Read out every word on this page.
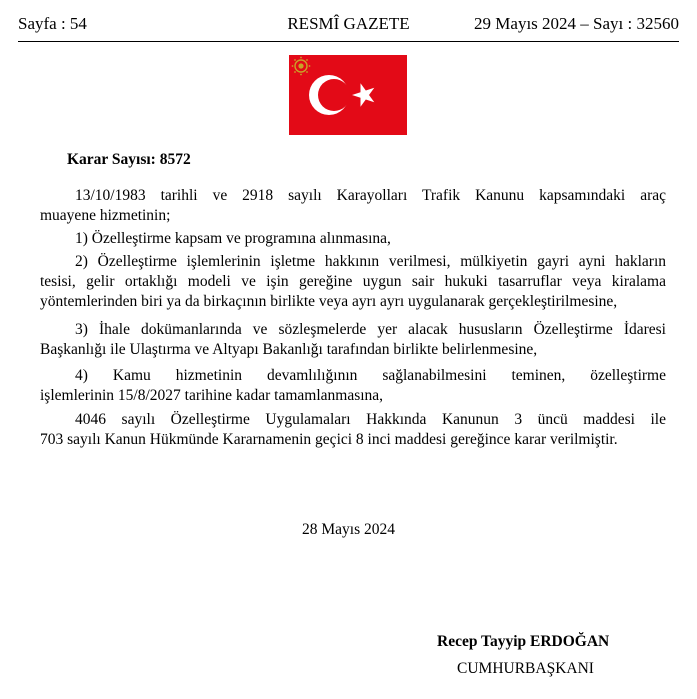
Sayfa : 54	RESMÎ GAZETE	29 Mayıs 2024 – Sayı : 32560
Karar Sayısı: 8572
13/10/1983 tarihli ve 2918 sayılı Karayolları Trafik Kanunu kapsamındaki araç
muayene hizmetinin;
1) Özelleştirme kapsam ve programına alınmasına,
2) Özelleştirme işlemlerinin işletme hakkının verilmesi, mülkiyetin gayri ayni hakların
tesisi, gelir ortaklığı modeli ve işin gereğine uygun sair hukuki tasarruflar veya kiralama
yöntemlerinden biri ya da birkaçının birlikte veya ayrı ayrı uygulanarak gerçekleştirilmesine,
3) İhale dokümanlarında ve sözleşmelerde yer alacak hususların Özelleştirme İdaresi
Başkanlığı ile Ulaştırma ve Altyapı Bakanlığı tarafından birlikte belirlenmesine,
4) Kamu hizmetinin devamlılığının sağlanabilmesini teminen, özelleştirme
işlemlerinin 15/8/2027 tarihine kadar tamamlanmasına,
4046 sayılı Özelleştirme Uygulamaları Hakkında Kanunun 3 üncü maddesi ile
703 sayılı Kanun Hükmünde Kararnamenin geçici 8 inci maddesi gereğince karar verilmiştir.
28 Mayıs 2024
Recep Tayyip ERDOĞAN
CUMHURBAŞKANI
